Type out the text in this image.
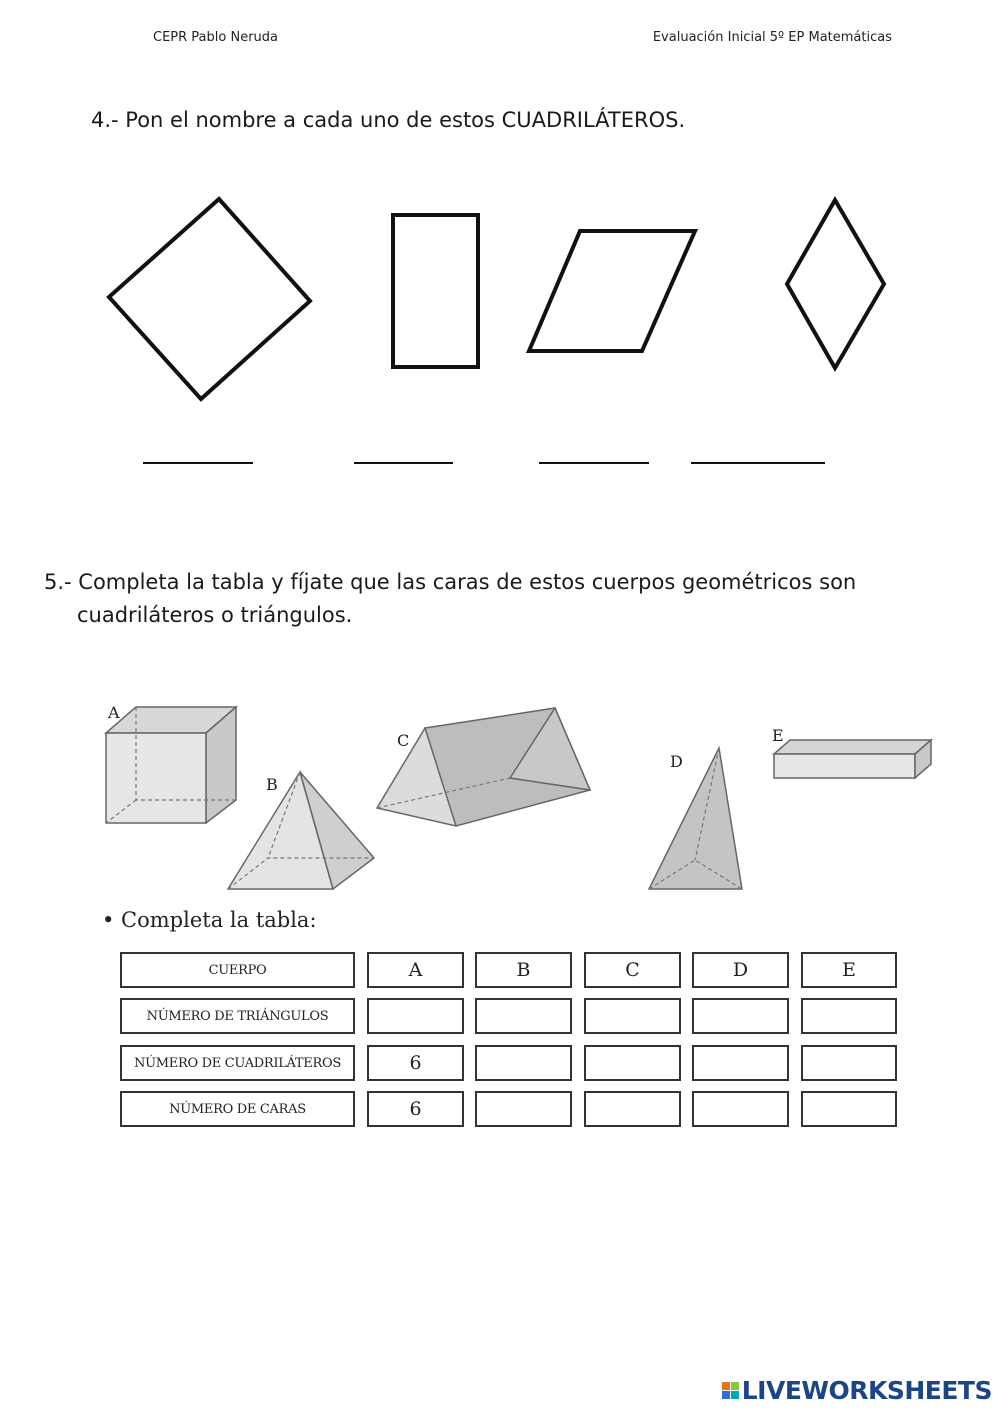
CEPR Pablo Neruda	Evaluación Inicial 5º EP Matemáticas
4.- Pon el nombre a cada uno de estos CUADRILÁTEROS.
5.- Completa la tabla y fíjate que las caras de estos cuerpos geométricos son
cuadriláteros o triángulos.
A
B
C
D
E
• Completa la tabla:
CUERPO	A	B	C	D	E
NÚMERO DE TRIÁNGULOS
NÚMERO DE CUADRILÁTEROS	6
NÚMERO DE CARAS	6
LIVEWORKSHEETS
